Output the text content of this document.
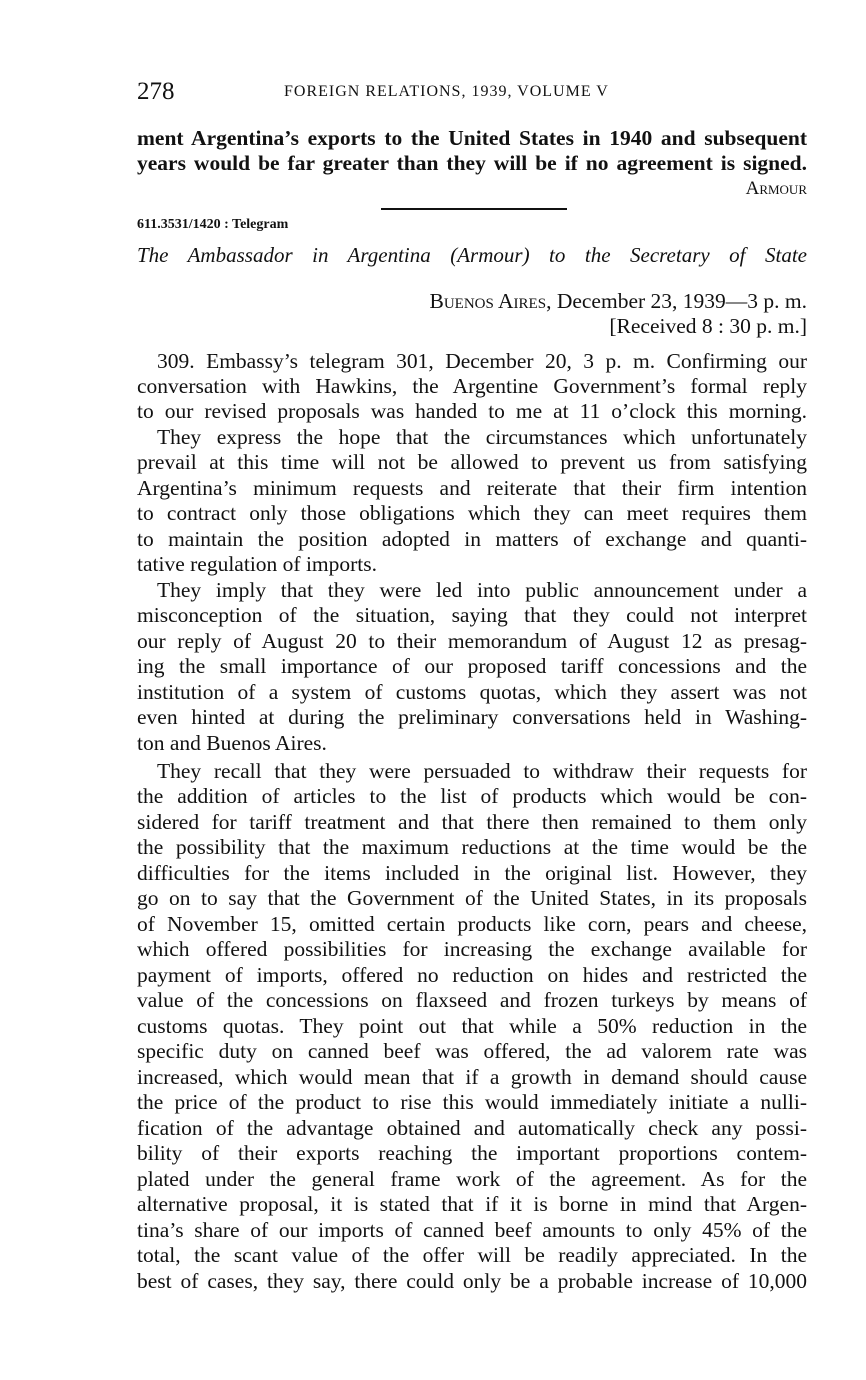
278	FOREIGN RELATIONS, 1939, VOLUME V
ment Argentina’s exports to the United States in 1940 and subsequent
years would be far greater than they will be if no agreement is signed.
Armour
611.3531/1420 : Telegram
The Ambassador in Argentina (Armour) to the Secretary of State
Buenos Aires, December 23, 1939—3 p. m.
[Received 8 : 30 p. m.]
309. Embassy’s telegram 301, December 20, 3 p. m. Confirming our
conversation with Hawkins, the Argentine Government’s formal reply
to our revised proposals was handed to me at 11 o’clock this morning.
They express the hope that the circumstances which unfortunately
prevail at this time will not be allowed to prevent us from satisfying
Argentina’s minimum requests and reiterate that their firm intention
to contract only those obligations which they can meet requires them
to maintain the position adopted in matters of exchange and quanti-
tative regulation of imports.
They imply that they were led into public announcement under a
misconception of the situation, saying that they could not interpret
our reply of August 20 to their memorandum of August 12 as presag-
ing the small importance of our proposed tariff concessions and the
institution of a system of customs quotas, which they assert was not
even hinted at during the preliminary conversations held in Washing-
ton and Buenos Aires.
They recall that they were persuaded to withdraw their requests for
the addition of articles to the list of products which would be con-
sidered for tariff treatment and that there then remained to them only
the possibility that the maximum reductions at the time would be the
difficulties for the items included in the original list. However, they
go on to say that the Government of the United States, in its proposals
of November 15, omitted certain products like corn, pears and cheese,
which offered possibilities for increasing the exchange available for
payment of imports, offered no reduction on hides and restricted the
value of the concessions on flaxseed and frozen turkeys by means of
customs quotas. They point out that while a 50% reduction in the
specific duty on canned beef was offered, the ad valorem rate was
increased, which would mean that if a growth in demand should cause
the price of the product to rise this would immediately initiate a nulli-
fication of the advantage obtained and automatically check any possi-
bility of their exports reaching the important proportions contem-
plated under the general frame work of the agreement. As for the
alternative proposal, it is stated that if it is borne in mind that Argen-
tina’s share of our imports of canned beef amounts to only 45% of the
total, the scant value of the offer will be readily appreciated. In the
best of cases, they say, there could only be a probable increase of 10,000
